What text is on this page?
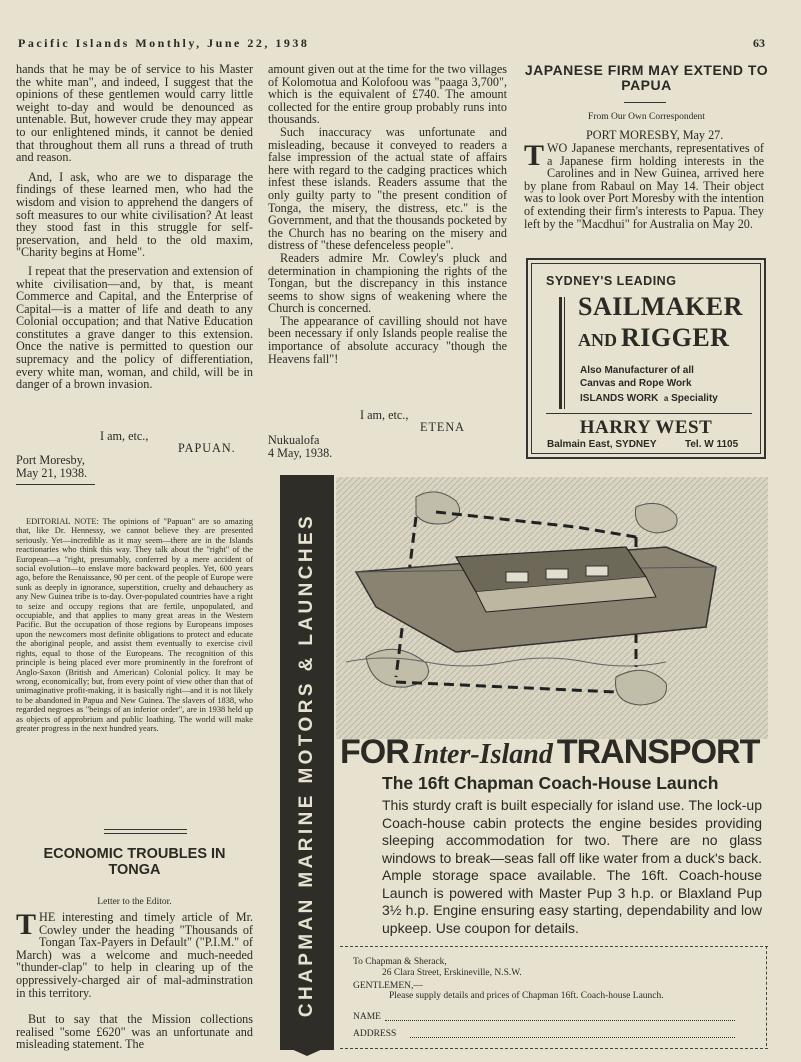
Pacific Islands Monthly, June 22, 1938	63

hands that he may be of service to his Master the white man", and indeed, I suggest that the opinions of these gentlemen would carry little weight to-day and would be denounced as untenable. But, however crude they may appear to our enlightened minds, it cannot be denied that throughout them all runs a thread of truth and reason.

And, I ask, who are we to disparage the findings of these learned men, who had the wisdom and vision to apprehend the dangers of soft measures to our white civilisation? At least they stood fast in this struggle for self-preservation, and held to the old maxim, "Charity begins at Home".

I repeat that the preservation and extension of white civilisation—and, by that, is meant Commerce and Capital, and the Enterprise of Capital—is a matter of life and death to any Colonial occupation; and that Native Education constitutes a grave danger to this extension. Once the native is permitted to question our supremacy and the policy of differentiation, every white man, woman, and child, will be in danger of a brown invasion.

I am, etc.,
PAPUAN.
Port Moresby,
May 21, 1938.
EDITORIAL NOTE: The opinions of "Papuan" are so amazing that, like Dr. Hennessy, we cannot believe they are presented seriously. Yet—incredible as it may seem—there are in the Islands reactionaries who think this way. They talk about the "right" of the European—a "right, presumably, conferred by a mere accident of social evolution—to enslave more backward peoples. Yet, 600 years ago, before the Renaissance, 90 per cent. of the people of Europe were sunk as deeply in ignorance, superstition, cruelty and debauchery as any New Guinea tribe is to-day. Over-populated countries have a right to seize and occupy regions that are fertile, unpopulated, and occupiable, and that applies to many great areas in the Western Pacific. But the occupation of those regions by Europeans imposes upon the newcomers most definite obligations to protect and educate the aboriginal people, and assist them eventually to exercise civil rights, equal to those of the Europeans. The recognition of this principle is being placed ever more prominently in the forefront of Anglo-Saxon (British and American) Colonial policy. It may be wrong, economically; but, from every point of view other than that of unimaginative profit-making, it is basically right—and it is not likely to be abandoned in Papua and New Guinea. The slavers of 1838, who regarded negroes as "beings of an inferior order", are in 1938 held up as objects of approbrium and public loathing. The world will make greater progress in the next hundred years.
ECONOMIC TROUBLES IN TONGA
Letter to the Editor.
THE interesting and timely article of Mr. Cowley under the heading "Thousands of Tongan Tax-Payers in Default" ("P.I.M." of March) was a welcome and much-needed "thunder-clap" to help in clearing up of the oppressively-charged air of mal-adminstration in this territory.
But to say that the Mission collections realised "some £620" was an unfortunate and misleading statement. The

amount given out at the time for the two villages of Kolomotua and Kolofoou was "paaga 3,700", which is the equivalent of £740. The amount collected for the entire group probably runs into thousands.

Such inaccuracy was unfortunate and misleading, because it conveyed to readers a false impression of the actual state of affairs here with regard to the cadging practices which infest these islands. Readers assume that the only guilty party to "the present condition of Tonga, the misery, the distress, etc." is the Government, and that the thousands pocketed by the Church has no bearing on the misery and distress of "these defenceless people".

Readers admire Mr. Cowley's pluck and determination in championing the rights of the Tongan, but the discrepancy in this instance seems to show signs of weakening where the Church is concerned.

The appearance of cavilling should not have been necessary if only Islands people realise the importance of absolute accuracy "though the Heavens fall"!

I am, etc.,
ETENA
Nukualofa
4 May, 1938.
JAPANESE FIRM MAY EXTEND TO PAPUA
From Our Own Correspondent
PORT MORESBY, May 27.
TWO Japanese merchants, representatives of a Japanese firm holding interests in the Carolines and in New Guinea, arrived here by plane from Rabaul on May 14. Their object was to look over Port Moresby with the intention of extending their firm's interests to Papua. They left by the "Macdhui" for Australia on May 20.
SYDNEY'S LEADING
SAILMAKER
AND RIGGER
Also Manufacturer of all
Canvas and Rope Work
ISLANDS WORK a Speciality
HARRY WEST
Balmain East, SYDNEY	Tel. W 1105
CHAPMAN MARINE MOTORS & LAUNCHES FOR Inter-Island TRANSPORT
The 16ft Chapman Coach-House Launch
This sturdy craft is built especially for island use. The lock-up Coach-house cabin protects the engine besides providing sleeping accommodation for two. There are no glass windows to break—seas fall off like water from a duck's back. Ample storage space available. The 16ft. Coach-house Launch is powered with Master Pup 3 h.p. or Blaxland Pup 3½ h.p. Engine ensuring easy starting, dependability and low upkeep. Use coupon for details.
To Chapman & Sherack,
26 Clara Street, Erskineville, N.S.W.
GENTLEMEN,—
Please supply details and prices of Chapman 16ft. Coach-house Launch.
NAME
ADDRESS
